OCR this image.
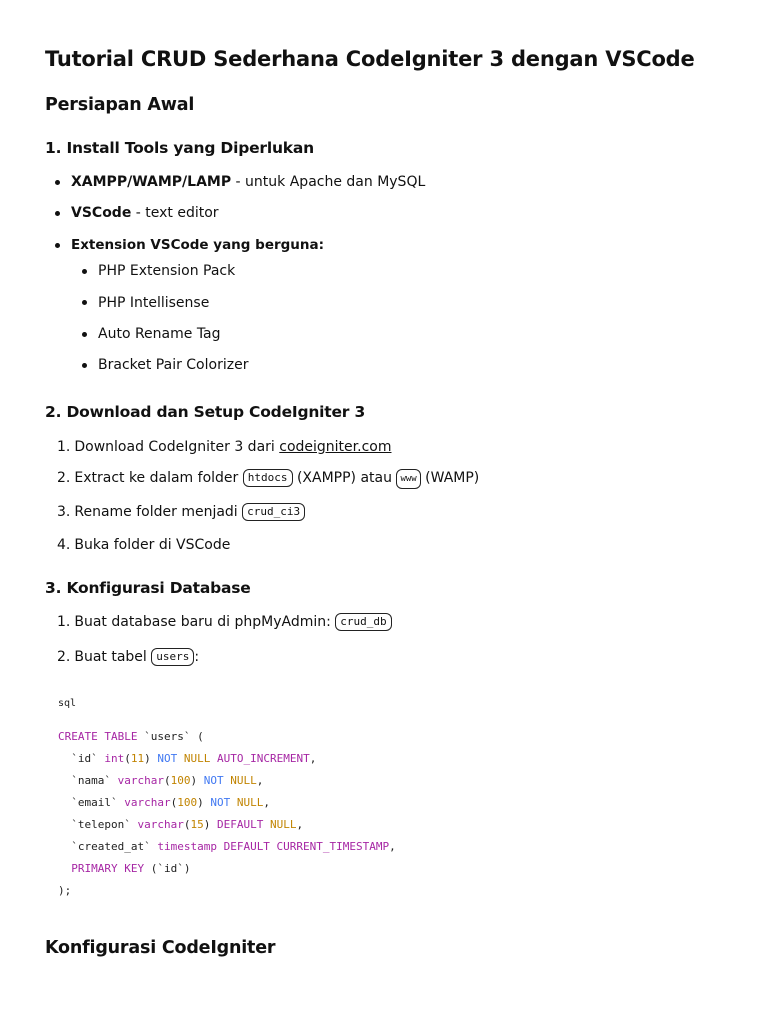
Tutorial CRUD Sederhana CodeIgniter 3 dengan VSCode
Persiapan Awal
1. Install Tools yang Diperlukan
XAMPP/WAMP/LAMP - untuk Apache dan MySQL
VSCode - text editor
Extension VSCode yang berguna:
PHP Extension Pack
PHP Intellisense
Auto Rename Tag
Bracket Pair Colorizer
2. Download dan Setup CodeIgniter 3
1. Download CodeIgniter 3 dari codeigniter.com
2. Extract ke dalam folder htdocs (XAMPP) atau www (WAMP)
3. Rename folder menjadi crud_ci3
4. Buka folder di VSCode
3. Konfigurasi Database
1. Buat database baru di phpMyAdmin: crud_db
2. Buat tabel users :
sql
CREATE TABLE `users` (
`id` int(11) NOT NULL AUTO_INCREMENT,
`nama` varchar(100) NOT NULL,
`email` varchar(100) NOT NULL,
`telepon` varchar(15) DEFAULT NULL,
`created_at` timestamp DEFAULT CURRENT_TIMESTAMP,
PRIMARY KEY (`id`)
);
Konfigurasi CodeIgniter
